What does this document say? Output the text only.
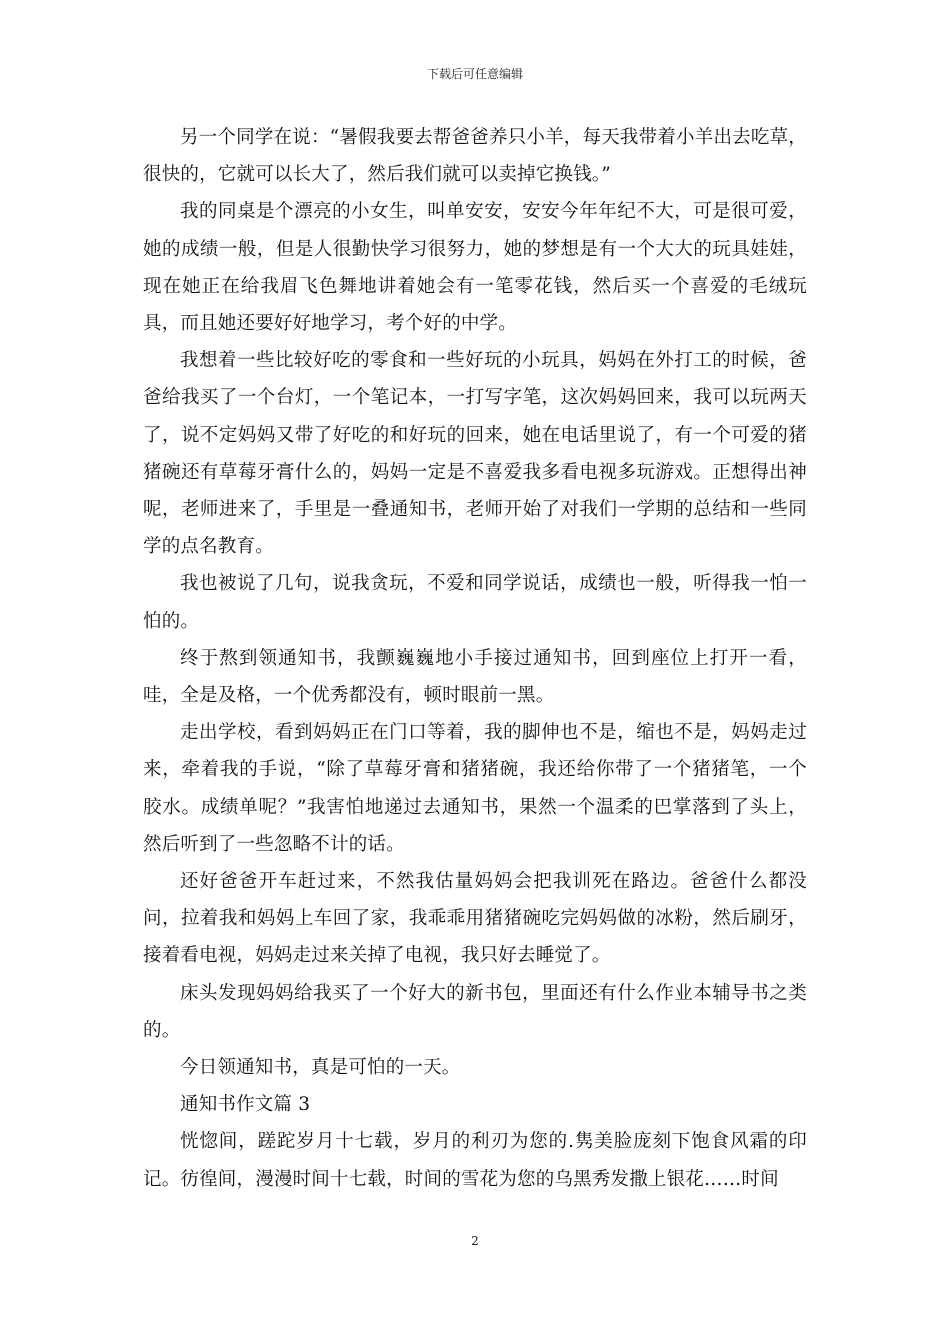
下载后可任意编辑

另一个同学在说：“暑假我要去帮爸爸养只小羊，每天我带着小羊出去吃草，很快的，它就可以长大了，然后我们就可以卖掉它换钱。”

我的同桌是个漂亮的小女生，叫单安安，安安今年年纪不大，可是很可爱，她的成绩一般，但是人很勤快学习很努力，她的梦想是有一个大大的玩具娃娃，现在她正在给我眉飞色舞地讲着她会有一笔零花钱，然后买一个喜爱的毛绒玩具，而且她还要好好地学习，考个好的中学。

我想着一些比较好吃的零食和一些好玩的小玩具，妈妈在外打工的时候，爸爸给我买了一个台灯，一个笔记本，一打写字笔，这次妈妈回来，我可以玩两天了，说不定妈妈又带了好吃的和好玩的回来，她在电话里说了，有一个可爱的猪猪碗还有草莓牙膏什么的，妈妈一定是不喜爱我多看电视多玩游戏。正想得出神呢，老师进来了，手里是一叠通知书，老师开始了对我们一学期的总结和一些同学的点名教育。

我也被说了几句，说我贪玩，不爱和同学说话，成绩也一般，听得我一怕一怕的。

终于熬到领通知书，我颤巍巍地小手接过通知书，回到座位上打开一看，哇，全是及格，一个优秀都没有，顿时眼前一黑。

走出学校，看到妈妈正在门口等着，我的脚伸也不是，缩也不是，妈妈走过来，牵着我的手说，“除了草莓牙膏和猪猪碗，我还给你带了一个猪猪笔，一个胶水。成绩单呢？”我害怕地递过去通知书，果然一个温柔的巴掌落到了头上，然后听到了一些忽略不计的话。

还好爸爸开车赶过来，不然我估量妈妈会把我训死在路边。爸爸什么都没问，拉着我和妈妈上车回了家，我乖乖用猪猪碗吃完妈妈做的冰粉，然后刷牙，接着看电视，妈妈走过来关掉了电视，我只好去睡觉了。

床头发现妈妈给我买了一个好大的新书包，里面还有什么作业本辅导书之类的。

今日领通知书，真是可怕的一天。

通知书作文篇 3

恍惚间，蹉跎岁月十七载，岁月的利刃为您的.隽美脸庞刻下饱食风霜的印记。彷徨间，漫漫时间十七载，时间的雪花为您的乌黑秀发撒上银花……时间

2
